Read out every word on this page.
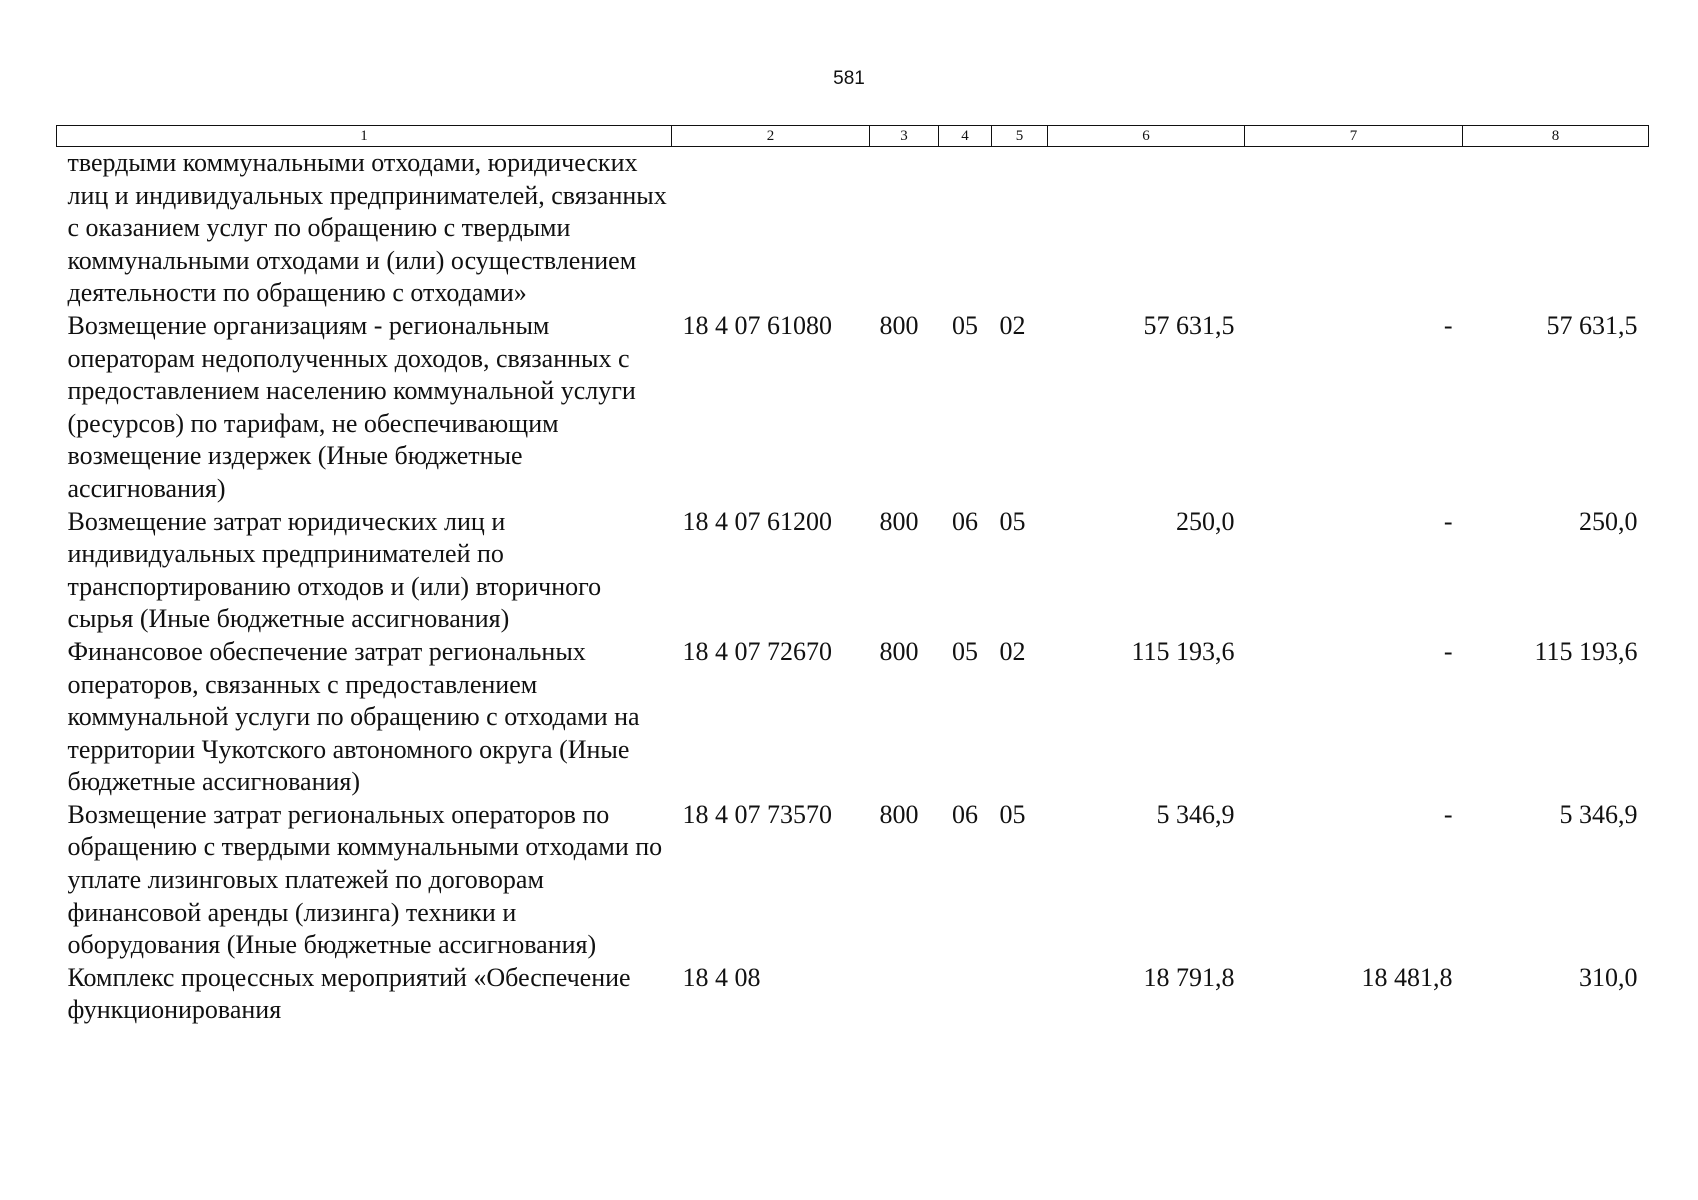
581
1	2	3	4	5	6	7	8
твердыми коммунальными отходами, юридических лиц и индивидуальных предпринимателей, связанных с оказанием услуг по обращению с твердыми коммунальными отходами и (или) осуществлением деятельности по обращению с отходами»							
Возмещение организациям - региональным операторам недополученных доходов, связанных с предоставлением населению коммунальной услуги (ресурсов) по тарифам, не обеспечивающим возмещение издержек (Иные бюджетные ассигнования)	18 4 07 61080	800	05	02	57 631,5	-	57 631,5
Возмещение затрат юридических лиц и индивидуальных предпринимателей по транспортированию отходов и (или) вторичного сырья (Иные бюджетные ассигнования)	18 4 07 61200	800	06	05	250,0	-	250,0
Финансовое обеспечение затрат региональных операторов, связанных с предоставлением коммунальной услуги по обращению с отходами на территории Чукотского автономного округа (Иные бюджетные ассигнования)	18 4 07 72670	800	05	02	115 193,6	-	115 193,6
Возмещение затрат региональных операторов по обращению с твердыми коммунальными отходами по уплате лизинговых платежей по договорам финансовой аренды (лизинга) техники и оборудования (Иные бюджетные ассигнования)	18 4 07 73570	800	06	05	5 346,9	-	5 346,9
Комплекс процессных мероприятий «Обеспечение функционирования	18 4 08				18 791,8	18 481,8	310,0
